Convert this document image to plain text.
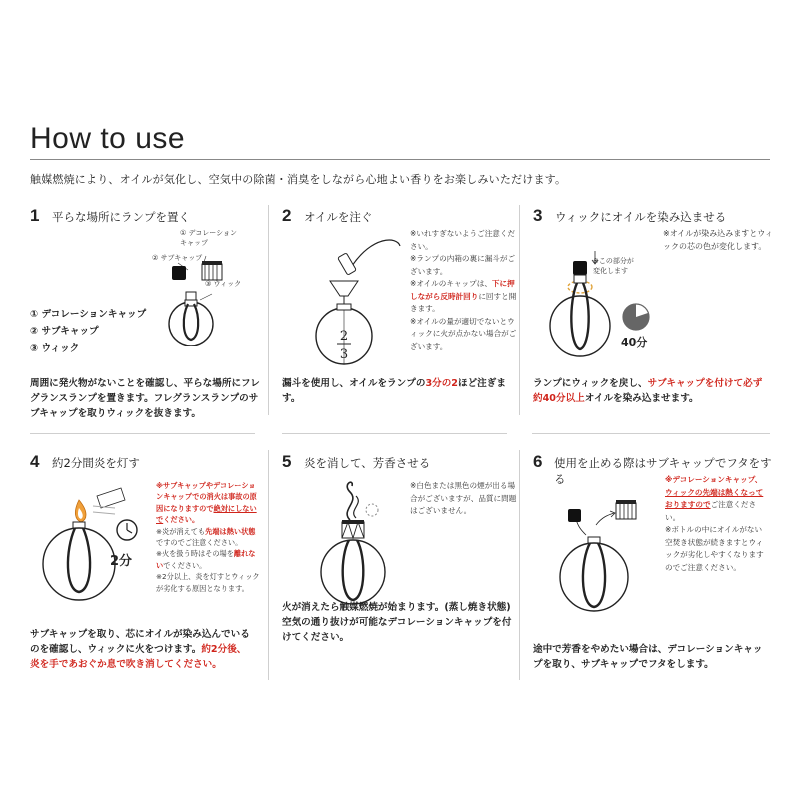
How to use
触媒燃焼により、オイルが気化し、空気中の除菌・消臭をしながら心地よい香りをお楽しみいただけます。
1	平らな場所にランプを置く
① デコレーション
キャップ
② サブキャップ
③ ウィック
① デコレーションキャップ
② サブキャップ
③ ウィック
周囲に発火物がないことを確認し、平らな場所にフレグランスランプを置きます。フレグランスランプのサブキャップを取りウィックを抜きます。
2	オイルを注ぐ
2
3
※いれすぎないようご注意ください。
※ランプの内箱の裏に漏斗がございます。
※オイルのキャップは、下に押しながら反時計回りに回すと開きます。
※オイルの量が適切でないとウィックに火が点かない場合がございます。
漏斗を使用し、オイルをランプの3分の2ほど注ぎます。
3	ウィックにオイルを染み込ませる
※この部分が
変化します
40分
※オイルが染み込みますとウィックの芯の色が変化します。
ランプにウィックを戻し、サブキャップを付けて必ず約40分以上オイルを染み込ませます。
4	約2分間炎を灯す
2分
※サブキャップやデコレーションキャップでの消火は事故の原因になりますので絶対にしないでください。
※炎が消えても先端は熱い状態ですのでご注意ください。
※火を扱う時はその場を離れないでください。
※2分以上、炎を灯すとウィックが劣化する原因となります。
サブキャップを取り、芯にオイルが染み込んでいるのを確認し、ウィックに火をつけます。約2分後、炎を手であおぐか息で吹き消してください。
5	炎を消して、芳香させる
※白色または黒色の煙が出る場合がございますが、品質に問題はございません。
火が消えたら触媒燃焼が始まります。(蒸し焼き状態)空気の通り抜けが可能なデコレーションキャップを付けてください。
6	使用を止める際はサブキャップでフタをする	※デコレーションキャップ、ウィックの先端は熱くなっておりますのでご注意ください。
※ボトルの中にオイルがない空焚き状態が続きますとウィックが劣化しやすくなりますのでご注意ください。
途中で芳香をやめたい場合は、デコレーションキャップを取り、サブキャップでフタをします。
